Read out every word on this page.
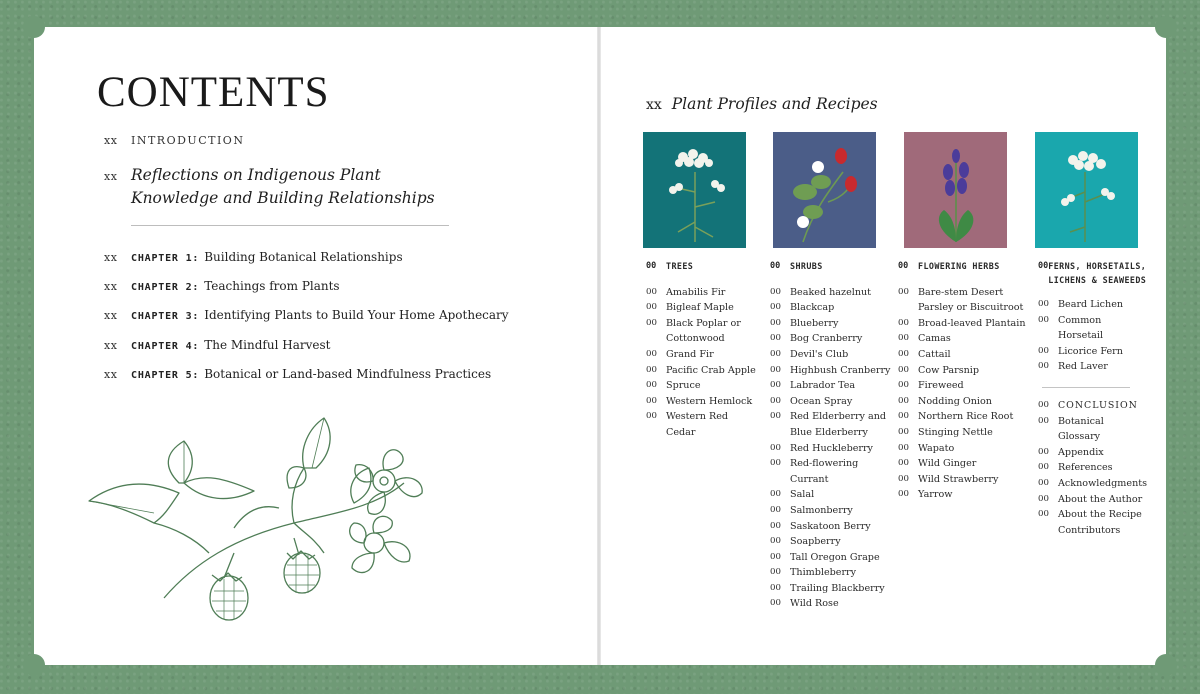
CONTENTS
xx	INTRODUCTION
xx Reflections on Indigenous Plant Knowledge and Building Relationships
xx	CHAPTER 1: Building Botanical Relationships
xx	CHAPTER 2: Teachings from Plants
xx	CHAPTER 3: Identifying Plants to Build Your Home Apothecary
xx	CHAPTER 4: The Mindful Harvest
xx	CHAPTER 5: Botanical or Land-based Mindfulness Practices
xx Plant Profiles and Recipes
00	TREES
00 Amabilis Fir
00 Bigleaf Maple
00 Black Poplar or Cottonwood
00 Grand Fir
00 Pacific Crab Apple
00 Spruce
00 Western Hemlock
00 Western Red Cedar
00	SHRUBS
00 Beaked hazelnut
00 Blackcap
00 Blueberry
00 Bog Cranberry
00 Devil's Club
00 Highbush Cranberry
00 Labrador Tea
00 Ocean Spray
00 Red Elderberry and Blue Elderberry
00 Red Huckleberry
00 Red-flowering Currant
00 Salal
00 Salmonberry
00 Saskatoon Berry
00 Soapberry
00 Tall Oregon Grape
00 Thimbleberry
00 Trailing Blackberry
00 Wild Rose
00	FLOWERING HERBS
00 Bare-stem Desert Parsley or Biscuitroot
00 Broad-leaved Plantain
00 Camas
00 Cattail
00 Cow Parsnip
00 Fireweed
00 Nodding Onion
00 Northern Rice Root
00 Stinging Nettle
00 Wapato
00 Wild Ginger
00 Wild Strawberry
00 Yarrow
00 FERNS, HORSETAILS, LICHENS & SEAWEEDS
00 Beard Lichen
00 Common Horsetail
00 Licorice Fern
00 Red Laver
00 CONCLUSION
00 Botanical Glossary
00 Appendix
00 References
00 Acknowledgments
00 About the Author
00 About the Recipe Contributors
